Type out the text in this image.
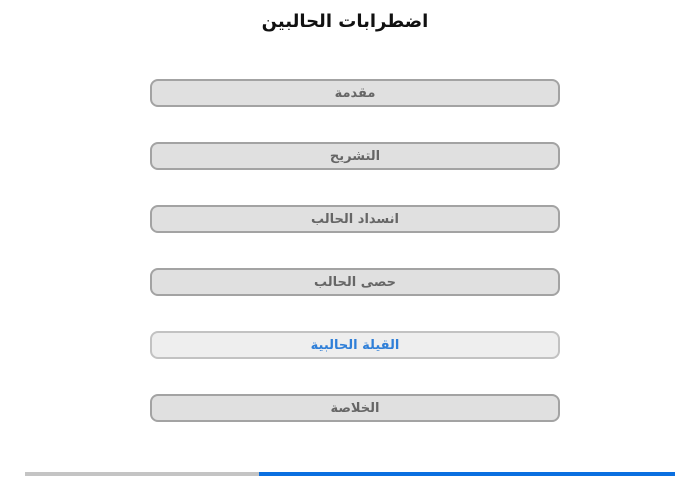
اضطرابات الحالبين
مقدمة
التشريح
انسداد الحالب
حصى الحالب
القيلة الحالبية
الخلاصة
